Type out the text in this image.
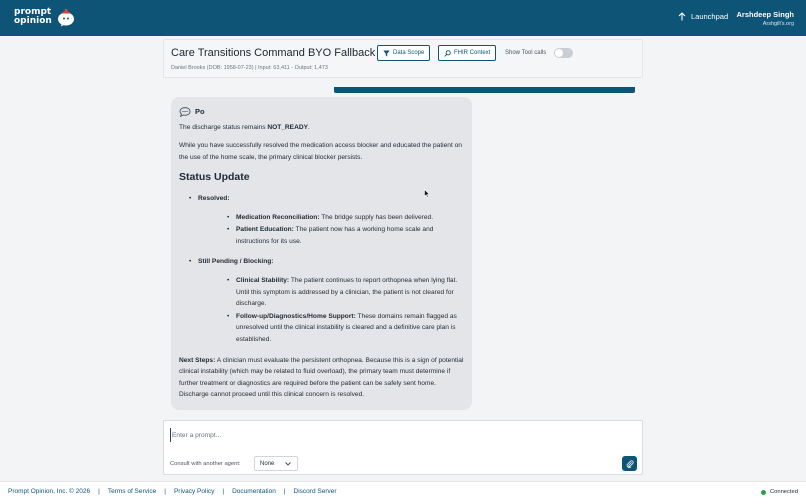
prompt
opinion	Launchpad Arshdeep Singh
Arshgill's.org
Care Transitions Command BYO Fallback
Daniel Brooks (DOB: 1958-07-23) | Input: 63,411 - Output: 1,473
Data Scope	FHIR Context Show Tool calls
Po

The discharge status remains NOT_READY.

While you have successfully resolved the medication access blocker and educated the patient on the use of the home scale, the primary clinical blocker persists.

Status Update
• Resolved:
• Medication Reconciliation: The bridge supply has been delivered.
• Patient Education: The patient now has a working home scale and instructions for its use.
• Still Pending / Blocking:
• Clinical Stability: The patient continues to report orthopnea when lying flat. Until this symptom is addressed by a clinician, the patient is not cleared for discharge.
• Follow-up/Diagnostics/Home Support: These domains remain flagged as unresolved until the clinical instability is cleared and a definitive care plan is established.

Next Steps: A clinician must evaluate the persistent orthopnea. Because this is a sign of potential clinical instability (which may be related to fluid overload), the primary team must determine if further treatment or diagnostics are required before the patient can be safely sent home. Discharge cannot proceed until this clinical concern is resolved.

Enter a prompt...
Consult with another agent:	None
Prompt Opinion, Inc. © 2026 | Terms of Service | Privacy Policy | Documentation | Discord Server	Connected
